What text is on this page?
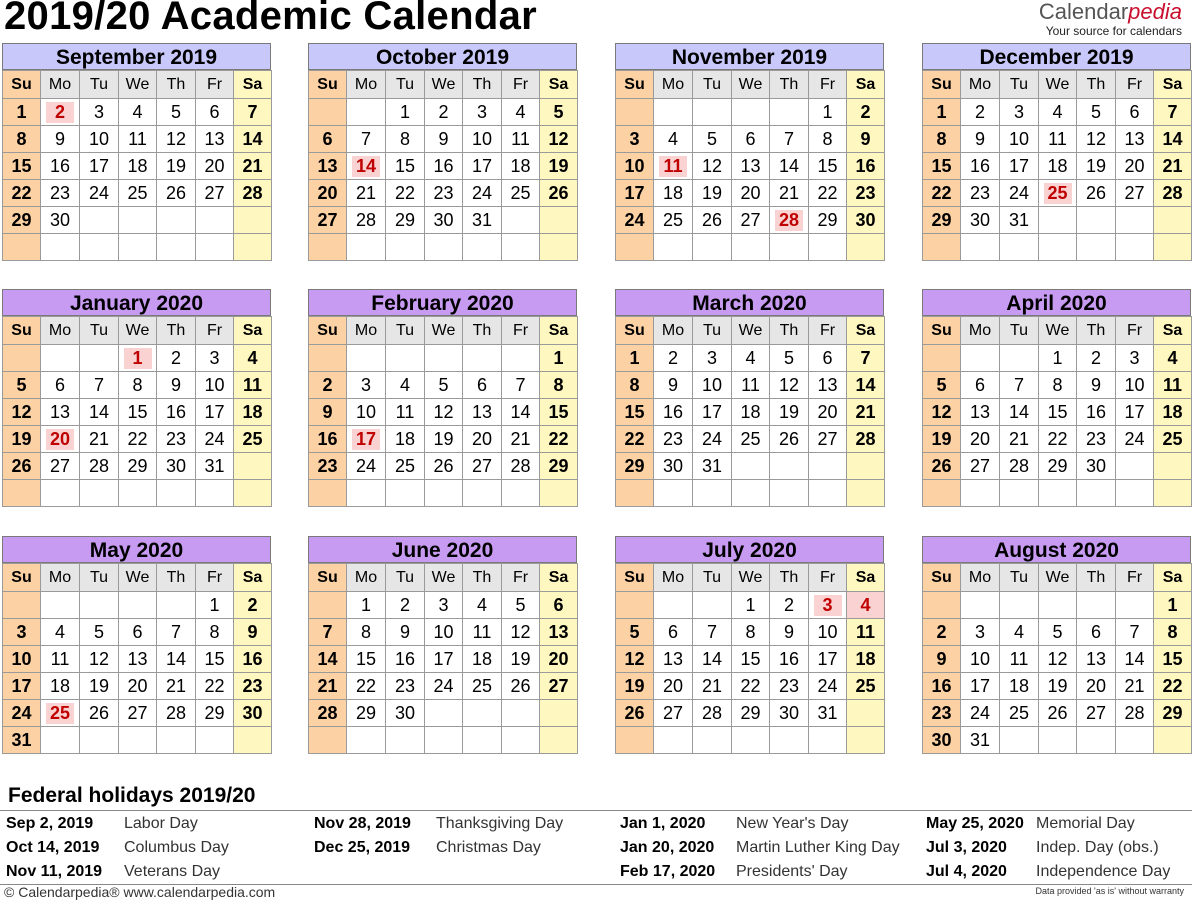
2019/20 Academic Calendar	Calendarpedia
Your source for calendars
September 2019
Su	Mo	Tu	We	Th	Fr	Sa
1	2	3	4	5	6	7
8	9	10	11	12	13	14
15	16	17	18	19	20	21
22	23	24	25	26	27	28
29	30					

October 2019
Su	Mo	Tu	We	Th	Fr	Sa
		1	2	3	4	5
6	7	8	9	10	11	12
13	14	15	16	17	18	19
20	21	22	23	24	25	26
27	28	29	30	31		

November 2019
Su	Mo	Tu	We	Th	Fr	Sa
					1	2
3	4	5	6	7	8	9
10	11	12	13	14	15	16
17	18	19	20	21	22	23
24	25	26	27	28	29	30

December 2019
Su	Mo	Tu	We	Th	Fr	Sa
1	2	3	4	5	6	7
8	9	10	11	12	13	14
15	16	17	18	19	20	21
22	23	24	25	26	27	28
29	30	31				

January 2020
Su	Mo	Tu	We	Th	Fr	Sa
			1	2	3	4
5	6	7	8	9	10	11
12	13	14	15	16	17	18
19	20	21	22	23	24	25
26	27	28	29	30	31	

February 2020
Su	Mo	Tu	We	Th	Fr	Sa
						1
2	3	4	5	6	7	8
9	10	11	12	13	14	15
16	17	18	19	20	21	22
23	24	25	26	27	28	29

March 2020
Su	Mo	Tu	We	Th	Fr	Sa
1	2	3	4	5	6	7
8	9	10	11	12	13	14
15	16	17	18	19	20	21
22	23	24	25	26	27	28
29	30	31				

April 2020
Su	Mo	Tu	We	Th	Fr	Sa
			1	2	3	4
5	6	7	8	9	10	11
12	13	14	15	16	17	18
19	20	21	22	23	24	25
26	27	28	29	30		

May 2020
Su	Mo	Tu	We	Th	Fr	Sa
					1	2
3	4	5	6	7	8	9
10	11	12	13	14	15	16
17	18	19	20	21	22	23
24	25	26	27	28	29	30
31						
June 2020
Su	Mo	Tu	We	Th	Fr	Sa
	1	2	3	4	5	6
7	8	9	10	11	12	13
14	15	16	17	18	19	20
21	22	23	24	25	26	27
28	29	30				

July 2020
Su	Mo	Tu	We	Th	Fr	Sa
			1	2	3	4
5	6	7	8	9	10	11
12	13	14	15	16	17	18
19	20	21	22	23	24	25
26	27	28	29	30	31	

August 2020
Su	Mo	Tu	We	Th	Fr	Sa
						1
2	3	4	5	6	7	8
9	10	11	12	13	14	15
16	17	18	19	20	21	22
23	24	25	26	27	28	29
30	31					
Federal holidays 2019/20
Sep 2, 2019 Labor Day
Oct 14, 2019 Columbus Day
Nov 11, 2019 Veterans Day
Nov 28, 2019 Thanksgiving Day
Dec 25, 2019 Christmas Day
Jan 1, 2020 New Year's Day
Jan 20, 2020 Martin Luther King Day
Feb 17, 2020 Presidents' Day
May 25, 2020 Memorial Day
Jul 3, 2020 Indep. Day (obs.)
Jul 4, 2020 Independence Day
© Calendarpedia® www.calendarpedia.com	Data provided 'as is' without warranty
